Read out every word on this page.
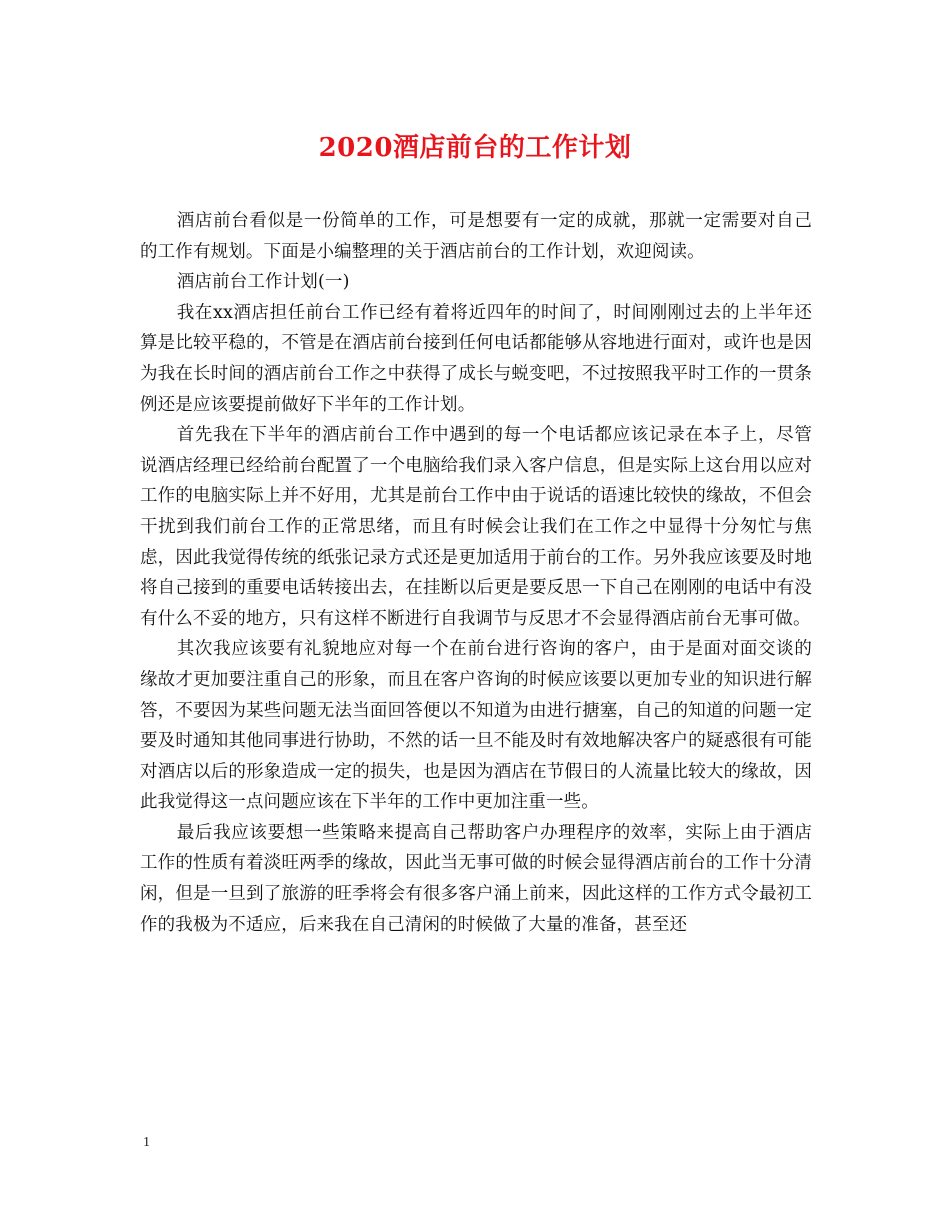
2020酒店前台的工作计划

酒店前台看似是一份简单的工作，可是想要有一定的成就，那就一定需要对自己的工作有规划。下面是小编整理的关于酒店前台的工作计划，欢迎阅读。

酒店前台工作计划(一)

我在xx酒店担任前台工作已经有着将近四年的时间了，时间刚刚过去的上半年还算是比较平稳的，不管是在酒店前台接到任何电话都能够从容地进行面对，或许也是因为我在长时间的酒店前台工作之中获得了成长与蜕变吧，不过按照我平时工作的一贯条例还是应该要提前做好下半年的工作计划。

首先我在下半年的酒店前台工作中遇到的每一个电话都应该记录在本子上，尽管说酒店经理已经给前台配置了一个电脑给我们录入客户信息，但是实际上这台用以应对工作的电脑实际上并不好用，尤其是前台工作中由于说话的语速比较快的缘故，不但会干扰到我们前台工作的正常思绪，而且有时候会让我们在工作之中显得十分匆忙与焦虑，因此我觉得传统的纸张记录方式还是更加适用于前台的工作。另外我应该要及时地将自己接到的重要电话转接出去，在挂断以后更是要反思一下自己在刚刚的电话中有没有什么不妥的地方，只有这样不断进行自我调节与反思才不会显得酒店前台无事可做。

其次我应该要有礼貌地应对每一个在前台进行咨询的客户，由于是面对面交谈的缘故才更加要注重自己的形象，而且在客户咨询的时候应该要以更加专业的知识进行解答，不要因为某些问题无法当面回答便以不知道为由进行搪塞，自己的知道的问题一定要及时通知其他同事进行协助，不然的话一旦不能及时有效地解决客户的疑惑很有可能对酒店以后的形象造成一定的损失，也是因为酒店在节假日的人流量比较大的缘故，因此我觉得这一点问题应该在下半年的工作中更加注重一些。

最后我应该要想一些策略来提高自己帮助客户办理程序的效率，实际上由于酒店工作的性质有着淡旺两季的缘故，因此当无事可做的时候会显得酒店前台的工作十分清闲，但是一旦到了旅游的旺季将会有很多客户涌上前来，因此这样的工作方式令最初工作的我极为不适应，后来我在自己清闲的时候做了大量的准备，甚至还

1
